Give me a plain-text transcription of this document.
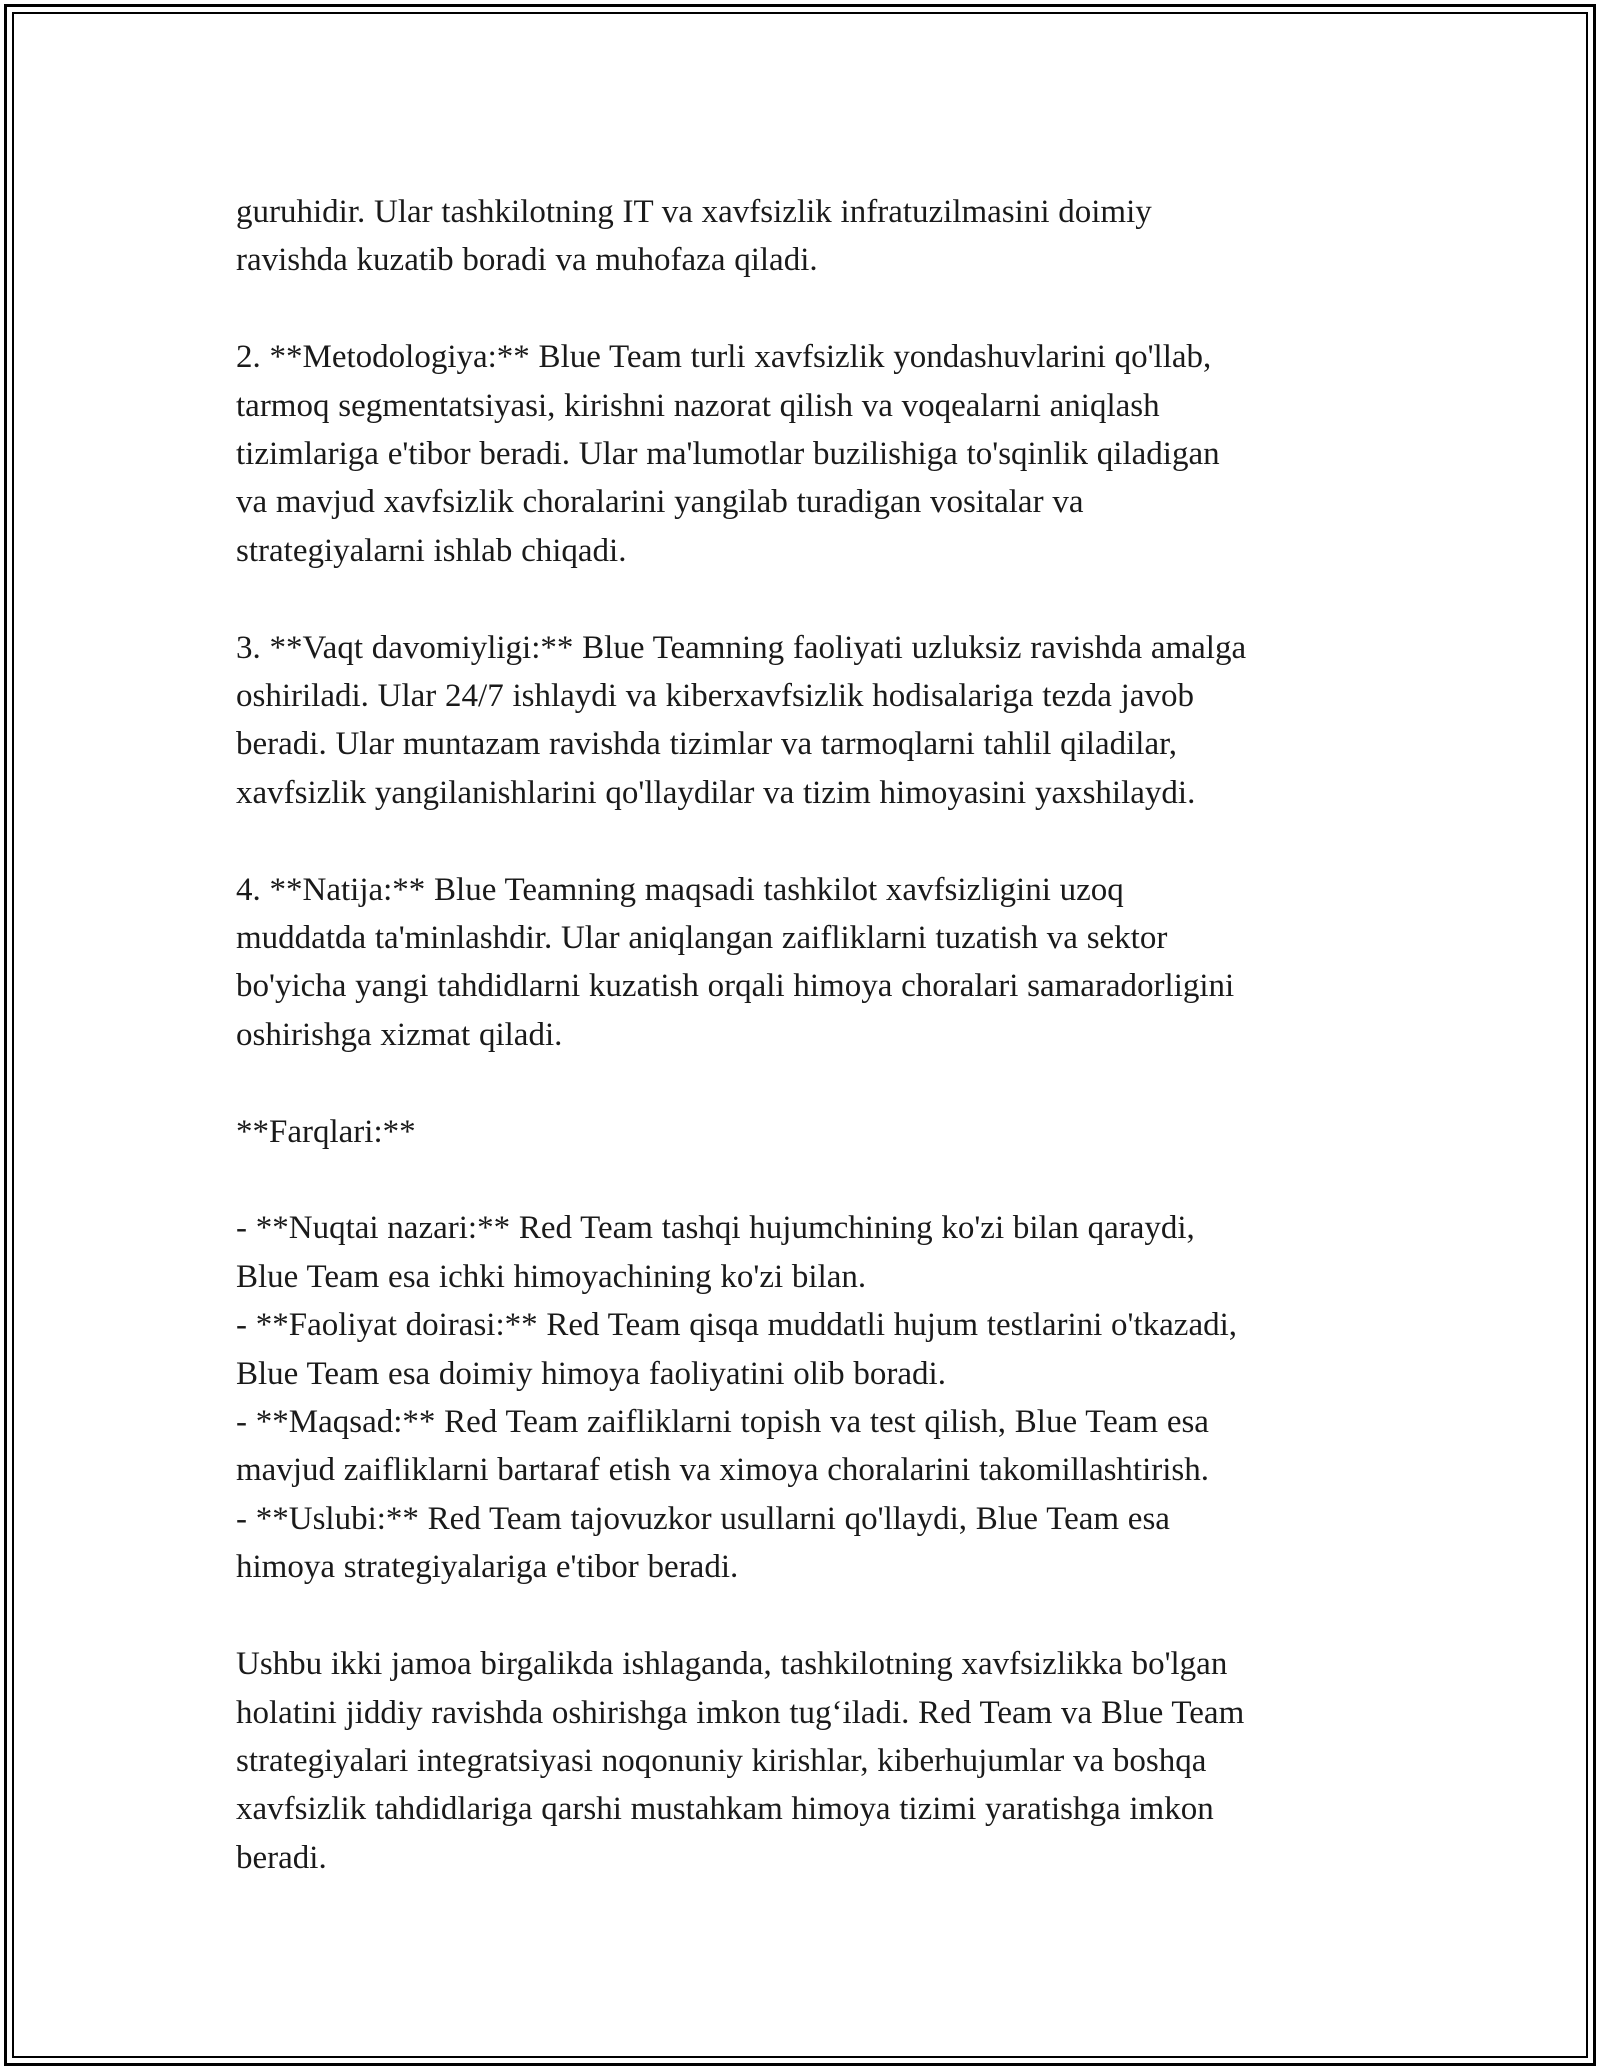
guruhidir. Ular tashkilotning IT va xavfsizlik infratuzilmasini doimiy
ravishda kuzatib boradi va muhofaza qiladi.

2. **Metodologiya:** Blue Team turli xavfsizlik yondashuvlarini qo'llab,
tarmoq segmentatsiyasi, kirishni nazorat qilish va voqealarni aniqlash
tizimlariga e'tibor beradi. Ular ma'lumotlar buzilishiga to'sqinlik qiladigan
va mavjud xavfsizlik choralarini yangilab turadigan vositalar va
strategiyalarni ishlab chiqadi.

3. **Vaqt davomiyligi:** Blue Teamning faoliyati uzluksiz ravishda amalga
oshiriladi. Ular 24/7 ishlaydi va kiberxavfsizlik hodisalariga tezda javob
beradi. Ular muntazam ravishda tizimlar va tarmoqlarni tahlil qiladilar,
xavfsizlik yangilanishlarini qo'llaydilar va tizim himoyasini yaxshilaydi.

4. **Natija:** Blue Teamning maqsadi tashkilot xavfsizligini uzoq
muddatda ta'minlashdir. Ular aniqlangan zaifliklarni tuzatish va sektor
bo'yicha yangi tahdidlarni kuzatish orqali himoya choralari samaradorligini
oshirishga xizmat qiladi.

**Farqlari:**

- **Nuqtai nazari:** Red Team tashqi hujumchining ko'zi bilan qaraydi,
Blue Team esa ichki himoyachining ko'zi bilan.
- **Faoliyat doirasi:** Red Team qisqa muddatli hujum testlarini o'tkazadi,
Blue Team esa doimiy himoya faoliyatini olib boradi.
- **Maqsad:** Red Team zaifliklarni topish va test qilish, Blue Team esa
mavjud zaifliklarni bartaraf etish va ximoya choralarini takomillashtirish.
- **Uslubi:** Red Team tajovuzkor usullarni qo'llaydi, Blue Team esa
himoya strategiyalariga e'tibor beradi.

Ushbu ikki jamoa birgalikda ishlaganda, tashkilotning xavfsizlikka bo'lgan
holatini jiddiy ravishda oshirishga imkon tug‘iladi. Red Team va Blue Team
strategiyalari integratsiyasi noqonuniy kirishlar, kiberhujumlar va boshqa
xavfsizlik tahdidlariga qarshi mustahkam himoya tizimi yaratishga imkon
beradi.
